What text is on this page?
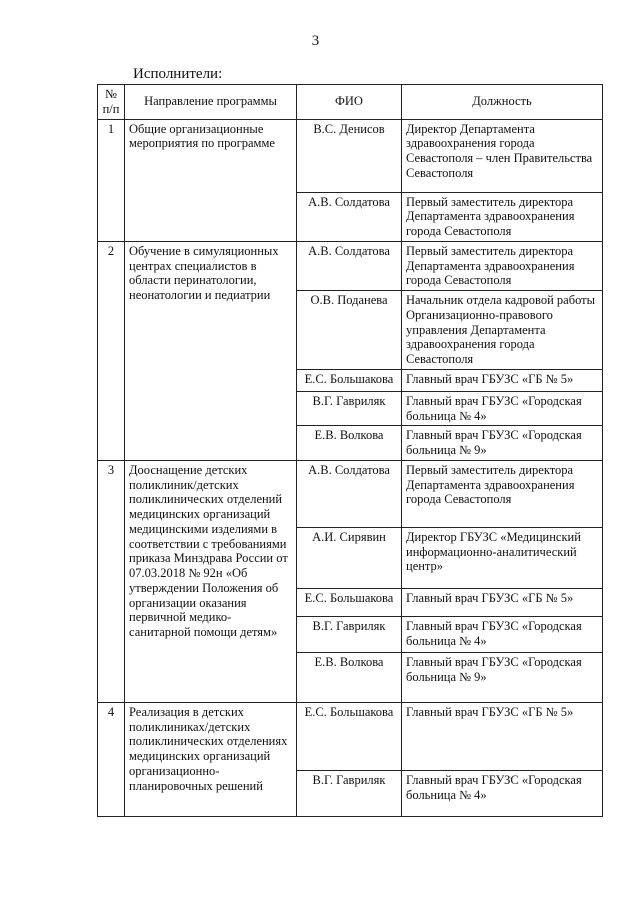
3
Исполнители:
№
п/п	Направление программы	ФИО	Должность
1	Общие организационные мероприятия по программе	В.С. Денисов	Директор Департамента здравоохранения города Севастополя – член Правительства Севастополя
		А.В. Солдатова	Первый заместитель директора Департамента здравоохранения города Севастополя
2	Обучение в симуляционных центрах специалистов в области перинатологии, неонатологии и педиатрии	А.В. Солдатова	Первый заместитель директора Департамента здравоохранения города Севастополя
		О.В. Поданева	Начальник отдела кадровой работы Организационно-правового управления Департамента здравоохранения города Севастополя
		Е.С. Большакова	Главный врач ГБУЗС «ГБ № 5»
		В.Г. Гавриляк	Главный врач ГБУЗС «Городская больница № 4»
		Е.В. Волкова	Главный врач ГБУЗС «Городская больница № 9»
3	Дооснащение детских поликлиник/детских поликлинических отделений медицинских организаций медицинскими изделиями в соответствии с требованиями приказа Минздрава России от 07.03.2018 № 92н «Об утверждении Положения об организации оказания первичной медико-санитарной помощи детям»	А.В. Солдатова	Первый заместитель директора Департамента здравоохранения города Севастополя
		А.И. Сирявин	Директор ГБУЗС «Медицинский информационно-аналитический центр»
		Е.С. Большакова	Главный врач ГБУЗС «ГБ № 5»
		В.Г. Гавриляк	Главный врач ГБУЗС «Городская больница № 4»
		Е.В. Волкова	Главный врач ГБУЗС «Городская больница № 9»
4	Реализация в детских поликлиниках/детских поликлинических отделениях медицинских организаций организационно-планировочных решений	Е.С. Большакова	Главный врач ГБУЗС «ГБ № 5»
		В.Г. Гавриляк	Главный врач ГБУЗС «Городская больница № 4»
